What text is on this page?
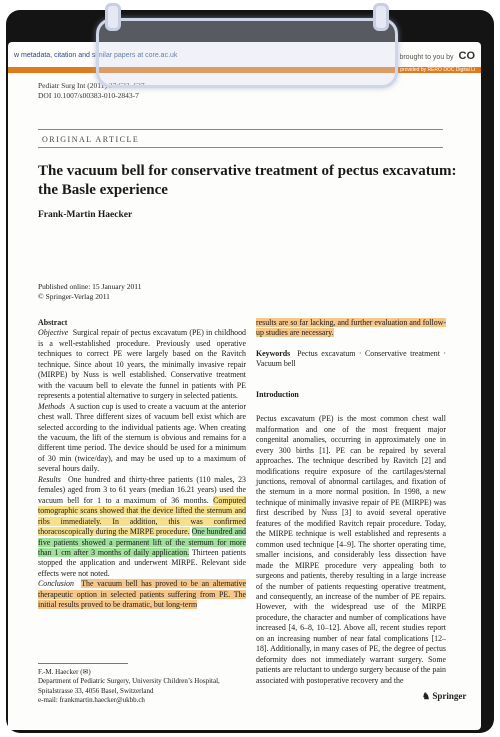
w metadata, citation and similar papers at core.ac.uk	brought to you by CO
provided by RERO DOC Digital Li
Pediatr Surg Int (2011) 27:623–627
DOI 10.1007/s00383-010-2843-7
ORIGINAL ARTICLE
The vacuum bell for conservative treatment of pectus excavatum: the Basle experience
Frank-Martin Haecker
Published online: 15 January 2011
© Springer-Verlag 2011

Abstract

Objective Surgical repair of pectus excavatum (PE) in childhood is a well-established procedure. Previously used operative techniques to correct PE were largely based on the Ravitch technique. Since about 10 years, the minimally invasive repair (MIRPE) by Nuss is well established. Conservative treatment with the vacuum bell to elevate the funnel in patients with PE represents a potential alternative to surgery in selected patients.

Methods A suction cup is used to create a vacuum at the anterior chest wall. Three different sizes of vacuum bell exist which are selected according to the individual patients age. When creating the vacuum, the lift of the sternum is obvious and remains for a different time period. The device should be used for a minimum of 30 min (twice/day), and may be used up to a maximum of several hours daily.

Results One hundred and thirty-three patients (110 males, 23 females) aged from 3 to 61 years (median 16.21 years) used the vacuum bell for 1 to a maximum of 36 months. Computed tomographic scans showed that the device lifted the sternum and ribs immediately. In addition, this was confirmed thoracoscopically during the MIRPE procedure. One hundred and five patients showed a permanent lift of the sternum for more than 1 cm after 3 months of daily application. Thirteen patients stopped the application and underwent MIRPE. Relevant side effects were not noted.

Conclusion The vacuum bell has proved to be an alternative therapeutic option in selected patients suffering from PE. The initial results proved to be dramatic, but long-term

results are so far lacking, and further evaluation and follow-up studies are necessary.

Keywords Pectus excavatum · Conservative treatment · Vacuum bell

Introduction

Pectus excavatum (PE) is the most common chest wall malformation and one of the most frequent major congenital anomalies, occurring in approximately one in every 300 births [1]. PE can be repaired by several approaches. The technique described by Ravitch [2] and modifications require exposure of the cartilages/sternal junctions, removal of abnormal cartilages, and fixation of the sternum in a more normal position. In 1998, a new technique of minimally invasive repair of PE (MIRPE) was first described by Nuss [3] to avoid several operative features of the modified Ravitch repair procedure. Today, the MIRPE technique is well established and represents a common used technique [4–9]. The shorter operating time, smaller incisions, and considerably less dissection have made the MIRPE procedure very appealing both to surgeons and patients, thereby resulting in a large increase of the number of patients requesting operative treatment, and consequently, an increase of the number of PE repairs. However, with the widespread use of the MIRPE procedure, the character and number of complications have increased [4, 6–8, 10–12]. Above all, recent studies report on an increasing number of near fatal complications [12–18]. Additionally, in many cases of PE, the degree of pectus deformity does not immediately warrant surgery. Some patients are reluctant to undergo surgery because of the pain associated with postoperative recovery and the

F.-M. Haecker (✉)
Department of Pediatric Surgery, University Children’s Hospital,
Spitalstrasse 33, 4056 Basel, Switzerland
e-mail: frankmartin.haecker@ukbb.ch	♞ Springer
